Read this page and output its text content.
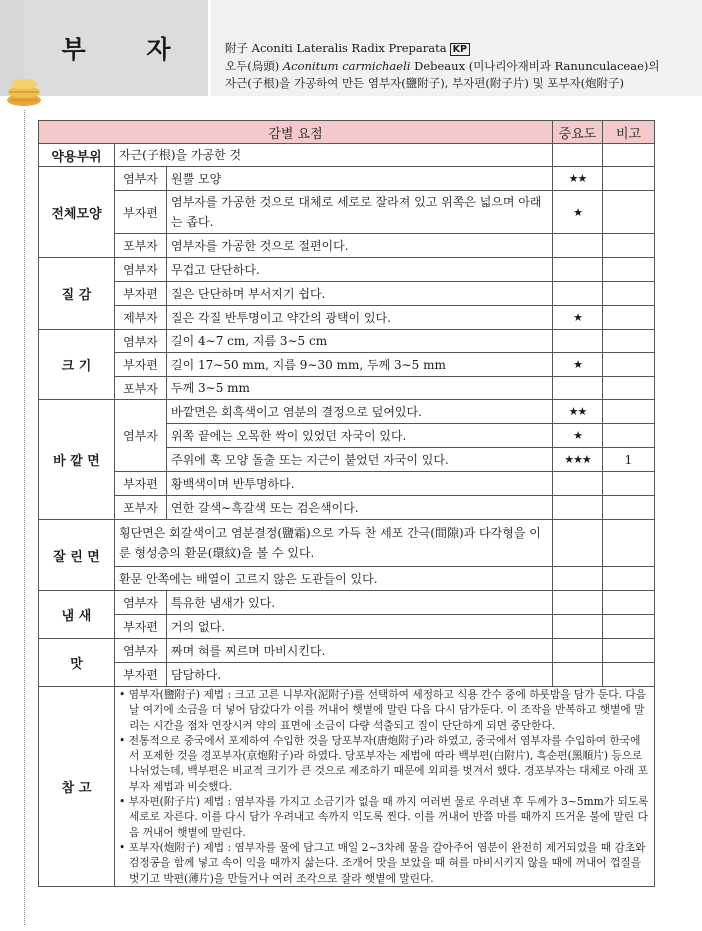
부 자 附子 Aconiti Lateralis Radix Preparata KP
오두(烏頭) Aconitum carmichaeli Debeaux (미나리아재비과 Ranunculaceae)의
자근(子根)을 가공하여 만든 염부자(鹽附子), 부자편(附子片) 및 포부자(炮附子)
감별 요점			중요도	비고
약용부위	자근(子根)을 가공한 것			
전체모양	염부자	원뿔 모양	★★	
	부자편	염부자를 가공한 것으로 대체로 세로로 잘라져 있고 위쪽은 넓으며 아래는 좁다.	★	
	포부자	염부자를 가공한 것으로 절편이다.		
질 감	염부자	무겁고 단단하다.		
	부자편	질은 단단하며 부서지기 쉽다.		
	제부자	질은 각질 반투명이고 약간의 광택이 있다.	★	
크 기	염부자	길이 4∼7 cm, 지름 3∼5 cm		
	부자편	길이 17∼50 mm, 지름 9∼30 mm, 두께 3∼5 mm	★	
	포부자	두께 3∼5 mm		
바 깥 면	염부자	바깥면은 회흑색이고 염분의 결정으로 덮여있다.	★★	
		위쪽 끝에는 오목한 싹이 있었던 자국이 있다.	★	
		주위에 혹 모양 돌출 또는 지근이 붙었던 자국이 있다.	★★★	1
	부자편	황백색이며 반투명하다.		
	포부자	연한 갈색∼흑갈색 또는 검은색이다.		
잘 린 면	횡단면은 회갈색이고 염분결정(鹽霜)으로 가득 찬 세포 간극(間隙)과 다각형을 이룬 형성층의 환문(環紋)을 볼 수 있다.			
	환문 안쪽에는 배열이 고르지 않은 도관들이 있다.			
냄 새	염부자	특유한 냄새가 있다.		
	부자편	거의 없다.		
맛	염부자	짜며 혀를 찌르며 마비시킨다.		
	부자편	담담하다.		
참 고	• 염부자(鹽附子) 제법 : 크고 고른 니부자(泥附子)를 선택하여 세정하고 식용 간수 중에 하룻밤을 담가 둔다. 다음 날 여기에 소금을 더 넣어 담갔다가 이를 꺼내어 햇볕에 말린 다음 다시 담가둔다. 이 조작을 반복하고 햇볕에 말리는 시간을 점차 연장시켜 약의 표면에 소금이 다량 석출되고 질이 단단하게 되면 중단한다.

• 전통적으로 중국에서 포제하여 수입한 것을 당포부자(唐炮附子)라 하였고, 중국에서 염부자를 수입하여 한국에서 포제한 것을 경포부자(京炮附子)라 하였다. 당포부자는 제법에 따라 백부편(白附片), 흑순편(黑順片) 등으로 나뉘었는데, 백부편은 비교적 크기가 큰 것으로 제조하기 때문에 외피를 벗겨서 했다. 경포부자는 대체로 아래 포부자 제법과 비슷했다.

• 부자편(附子片) 제법 : 염부자를 가지고 소금기가 없을 때 까지 여러번 물로 우려낸 후 두께가 3∼5mm가 되도록 세로로 자른다. 이를 다시 담가 우려내고 속까지 익도록 찐다. 이를 꺼내어 반쯤 마를 때까지 뜨거운 불에 말린 다음 꺼내어 햇볕에 말린다.

• 포부자(炮附子) 제법 : 염부자를 물에 담그고 매일 2∼3차례 물을 갈아주어 염분이 완전히 제거되었을 때 감초와 검정콩을 함께 넣고 속이 익을 때까지 삶는다. 조개어 맛을 보았을 때 혀를 마비시키지 않을 때에 꺼내어 껍질을 벗기고 박편(薄片)을 만들거나 여러 조각으로 잘라 햇볕에 말린다.			
